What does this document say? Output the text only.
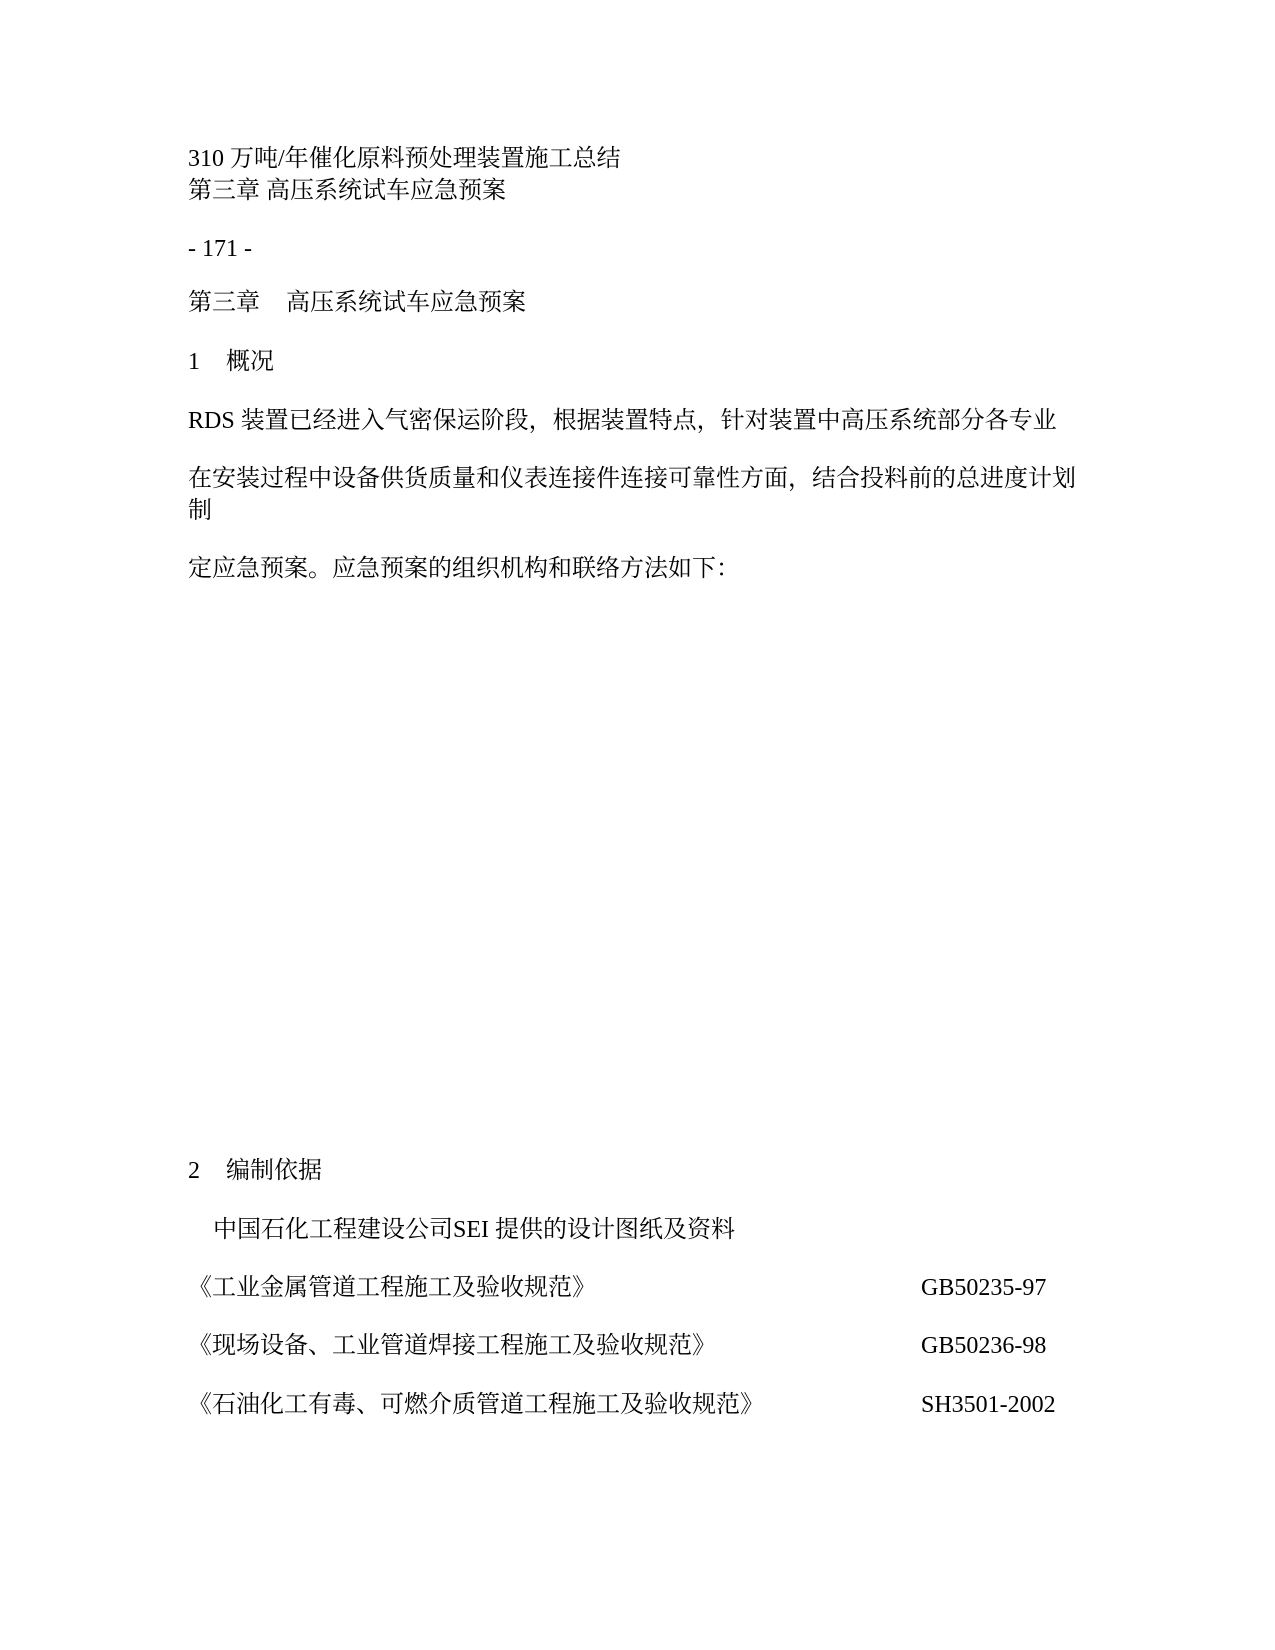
310 万吨/年催化原料预处理装置施工总结
第三章 高压系统试车应急预案
- 171 -
第三章 高压系统试车应急预案
1 概况
RDS 装置已经进入气密保运阶段，根据装置特点，针对装置中高压系统部分各专业
在安装过程中设备供货质量和仪表连接件连接可靠性方面，结合投料前的总进度计划制
定应急预案。应急预案的组织机构和联络方法如下：
2 编制依据
中国石化工程建设公司SEI 提供的设计图纸及资料
《工业金属管道工程施工及验收规范》	GB50235-97
《现场设备、工业管道焊接工程施工及验收规范》	GB50236-98
《石油化工有毒、可燃介质管道工程施工及验收规范》	SH3501-2002
